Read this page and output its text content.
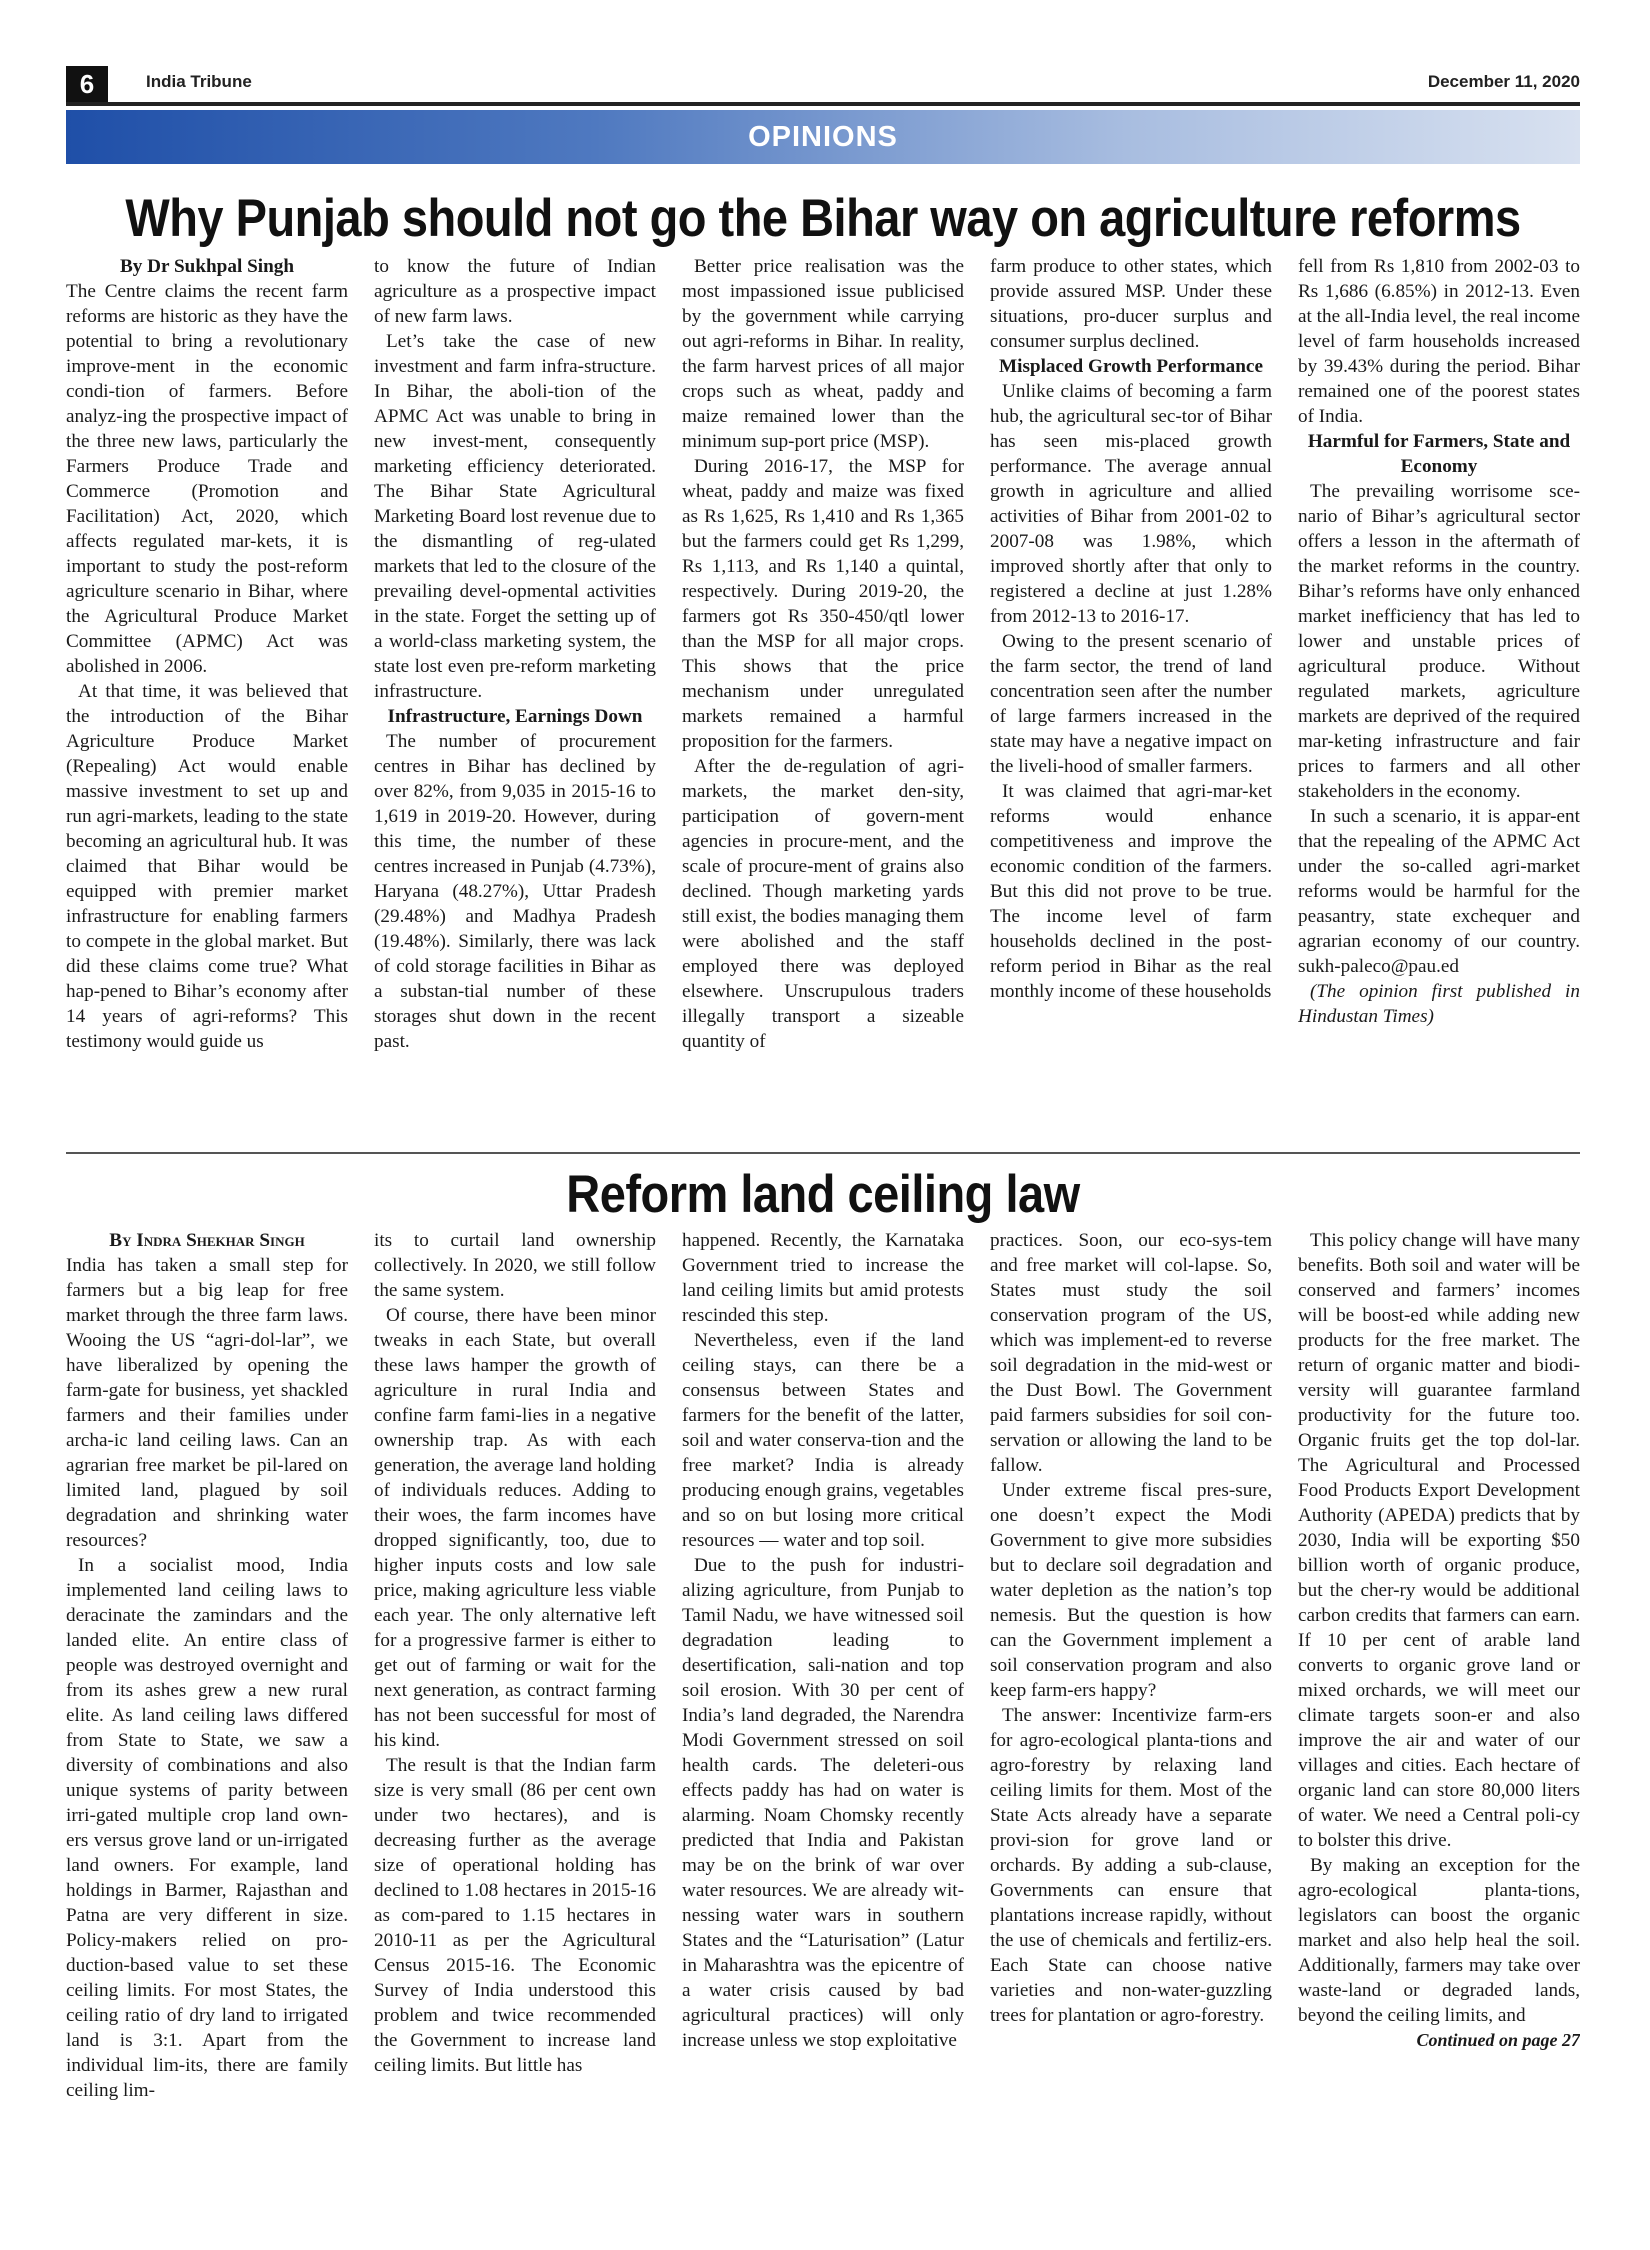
6	India Tribune	December 11, 2020
OPINIONS
Why Punjab should not go the Bihar way on agriculture reforms

By Dr Sukhpal Singh

The Centre claims the recent farm reforms are historic as they have the potential to bring a revolutionary improve-ment in the economic condi-tion of farmers. Before analyz-ing the prospective impact of the three new laws, particularly the Farmers Produce Trade and Commerce (Promotion and Facilitation) Act, 2020, which affects regulated mar-kets, it is important to study the post-reform agriculture scenario in Bihar, where the Agricultural Produce Market Committee (APMC) Act was abolished in 2006.

At that time, it was believed that the introduction of the Bihar Agriculture Produce Market (Repealing) Act would enable massive investment to set up and run agri-markets, leading to the state becoming an agricultural hub. It was claimed that Bihar would be equipped with premier market infrastructure for enabling farmers to compete in the global market. But did these claims come true? What hap-pened to Bihar’s economy after 14 years of agri-reforms? This testimony would guide us

to know the future of Indian agriculture as a prospective impact of new farm laws.

Let’s take the case of new investment and farm infra-structure. In Bihar, the aboli-tion of the APMC Act was unable to bring in new invest-ment, consequently marketing efficiency deteriorated. The Bihar State Agricultural Marketing Board lost revenue due to the dismantling of reg-ulated markets that led to the closure of the prevailing devel-opmental activities in the state. Forget the setting up of a world-class marketing system, the state lost even pre-reform marketing infrastructure.

Infrastructure, Earnings Down

The number of procurement centres in Bihar has declined by over 82%, from 9,035 in 2015-16 to 1,619 in 2019-20. However, during this time, the number of these centres increased in Punjab (4.73%), Haryana (48.27%), Uttar Pradesh (29.48%) and Madhya Pradesh (19.48%). Similarly, there was lack of cold storage facilities in Bihar as a substan-tial number of these storages shut down in the recent past.

Better price realisation was the most impassioned issue publicised by the government while carrying out agri-reforms in Bihar. In reality, the farm harvest prices of all major crops such as wheat, paddy and maize remained lower than the minimum sup-port price (MSP).

During 2016-17, the MSP for wheat, paddy and maize was fixed as Rs 1,625, Rs 1,410 and Rs 1,365 but the farmers could get Rs 1,299, Rs 1,113, and Rs 1,140 a quintal, respectively. During 2019-20, the farmers got Rs 350-450/qtl lower than the MSP for all major crops. This shows that the price mechanism under unregulated markets remained a harmful proposition for the farmers.

After the de-regulation of agri-markets, the market den-sity, participation of govern-ment agencies in procure-ment, and the scale of procure-ment of grains also declined. Though marketing yards still exist, the bodies managing them were abolished and the staff employed there was deployed elsewhere. Unscrupulous traders illegally transport a sizeable quantity of

farm produce to other states, which provide assured MSP. Under these situations, pro-ducer surplus and consumer surplus declined.

Misplaced Growth Performance

Unlike claims of becoming a farm hub, the agricultural sec-tor of Bihar has seen mis-placed growth performance. The average annual growth in agriculture and allied activities of Bihar from 2001-02 to 2007-08 was 1.98%, which improved shortly after that only to registered a decline at just 1.28% from 2012-13 to 2016-17.

Owing to the present scenario of the farm sector, the trend of land concentration seen after the number of large farmers increased in the state may have a negative impact on the liveli-hood of smaller farmers.

It was claimed that agri-mar-ket reforms would enhance competitiveness and improve the economic condition of the farmers. But this did not prove to be true. The income level of farm households declined in the post-reform period in Bihar as the real monthly income of these households

fell from Rs 1,810 from 2002-03 to Rs 1,686 (6.85%) in 2012-13. Even at the all-India level, the real income level of farm households increased by 39.43% during the period. Bihar remained one of the poorest states of India.

Harmful for Farmers, State and Economy

The prevailing worrisome sce-nario of Bihar’s agricultural sector offers a lesson in the aftermath of the market reforms in the country. Bihar’s reforms have only enhanced market inefficiency that has led to lower and unstable prices of agricultural produce. Without regulated markets, agriculture markets are deprived of the required mar-keting infrastructure and fair prices to farmers and all other stakeholders in the economy.

In such a scenario, it is appar-ent that the repealing of the APMC Act under the so-called agri-market reforms would be harmful for the peasantry, state exchequer and agrarian economy of our country. sukh-paleco@pau.ed

(The opinion first published in Hindustan Times)

Reform land ceiling law

By Indra Shekhar Singh

India has taken a small step for farmers but a big leap for free market through the three farm laws. Wooing the US “agri-dol-lar”, we have liberalized by opening the farm-gate for business, yet shackled farmers and their families under archa-ic land ceiling laws. Can an agrarian free market be pil-lared on limited land, plagued by soil degradation and shrinking water resources?

In a socialist mood, India implemented land ceiling laws to deracinate the zamindars and the landed elite. An entire class of people was destroyed overnight and from its ashes grew a new rural elite. As land ceiling laws differed from State to State, we saw a diversity of combinations and also unique systems of parity between irri-gated multiple crop land own-ers versus grove land or un-irrigated land owners. For example, land holdings in Barmer, Rajasthan and Patna are very different in size. Policy-makers relied on pro-duction-based value to set these ceiling limits. For most States, the ceiling ratio of dry land to irrigated land is 3:1. Apart from the individual lim-its, there are family ceiling lim-

its to curtail land ownership collectively. In 2020, we still follow the same system.

Of course, there have been minor tweaks in each State, but overall these laws hamper the growth of agriculture in rural India and confine farm fami-lies in a negative ownership trap. As with each generation, the average land holding of individuals reduces. Adding to their woes, the farm incomes have dropped significantly, too, due to higher inputs costs and low sale price, making agriculture less viable each year. The only alternative left for a progressive farmer is either to get out of farming or wait for the next generation, as contract farming has not been successful for most of his kind.

The result is that the Indian farm size is very small (86 per cent own under two hectares), and is decreasing further as the average size of operational holding has declined to 1.08 hectares in 2015-16 as com-pared to 1.15 hectares in 2010-11 as per the Agricultural Census 2015-16. The Economic Survey of India understood this problem and twice recommended the Government to increase land ceiling limits. But little has

happened. Recently, the Karnataka Government tried to increase the land ceiling limits but amid protests rescinded this step.

Nevertheless, even if the land ceiling stays, can there be a consensus between States and farmers for the benefit of the latter, soil and water conserva-tion and the free market? India is already producing enough grains, vegetables and so on but losing more critical resources — water and top soil.

Due to the push for industri-alizing agriculture, from Punjab to Tamil Nadu, we have witnessed soil degradation leading to desertification, sali-nation and top soil erosion. With 30 per cent of India’s land degraded, the Narendra Modi Government stressed on soil health cards. The deleteri-ous effects paddy has had on water is alarming. Noam Chomsky recently predicted that India and Pakistan may be on the brink of war over water resources. We are already wit-nessing water wars in southern States and the “Laturisation” (Latur in Maharashtra was the epicentre of a water crisis caused by bad agricultural practices) will only increase unless we stop exploitative

practices. Soon, our eco-sys-tem and free market will col-lapse. So, States must study the soil conservation program of the US, which was implement-ed to reverse soil degradation in the mid-west or the Dust Bowl. The Government paid farmers subsidies for soil con-servation or allowing the land to be fallow.

Under extreme fiscal pres-sure, one doesn’t expect the Modi Government to give more subsidies but to declare soil degradation and water depletion as the nation’s top nemesis. But the question is how can the Government implement a soil conservation program and also keep farm-ers happy?

The answer: Incentivize farm-ers for agro-ecological planta-tions and agro-forestry by relaxing land ceiling limits for them. Most of the State Acts already have a separate provi-sion for grove land or orchards. By adding a sub-clause, Governments can ensure that plantations increase rapidly, without the use of chemicals and fertiliz-ers. Each State can choose native varieties and non-water-guzzling trees for plantation or agro-forestry.

This policy change will have many benefits. Both soil and water will be conserved and farmers’ incomes will be boost-ed while adding new products for the free market. The return of organic matter and biodi-versity will guarantee farmland productivity for the future too. Organic fruits get the top dol-lar. The Agricultural and Processed Food Products Export Development Authority (APEDA) predicts that by 2030, India will be exporting $50 billion worth of organic produce, but the cher-ry would be additional carbon credits that farmers can earn. If 10 per cent of arable land converts to organic grove land or mixed orchards, we will meet our climate targets soon-er and also improve the air and water of our villages and cities. Each hectare of organic land can store 80,000 liters of water. We need a Central poli-cy to bolster this drive.

By making an exception for the agro-ecological planta-tions, legislators can boost the organic market and also help heal the soil. Additionally, farmers may take over waste-land or degraded lands, beyond the ceiling limits, and

Continued on page 27
